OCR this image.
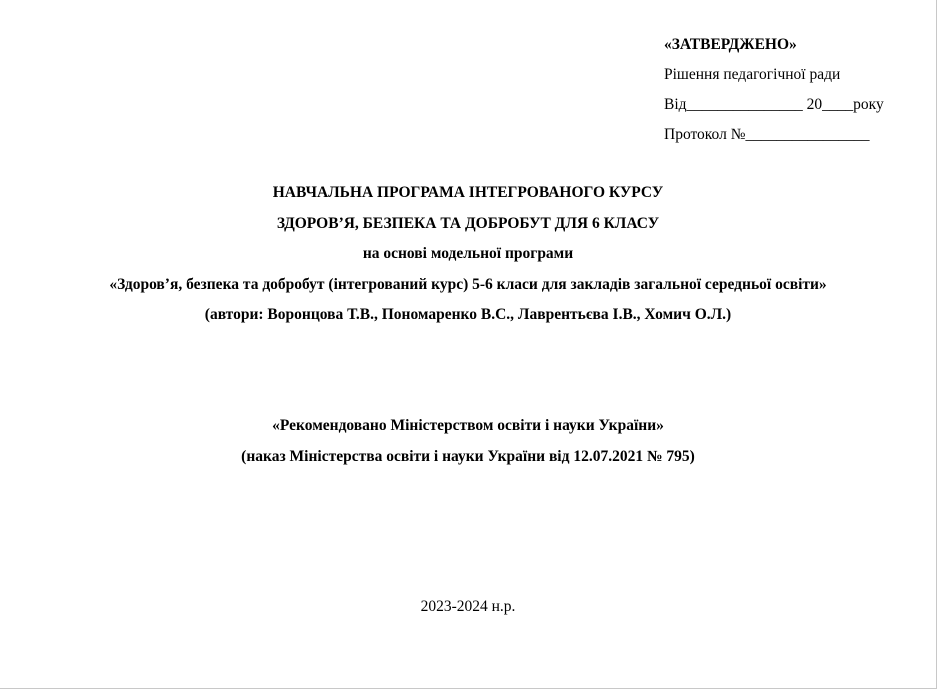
«ЗАТВЕРДЖЕНО»
Рішення педагогічної ради
Від_______________ 20____року
Протокол №________________
НАВЧАЛЬНА ПРОГРАМА ІНТЕГРОВАНОГО КУРСУ
ЗДОРОВ’Я, БЕЗПЕКА ТА ДОБРОБУТ ДЛЯ 6 КЛАСУ
на основі модельної програми
«Здоров’я, безпека та добробут (інтегрований курс) 5-6 класи для закладів загальної середньої освіти»
(автори: Воронцова Т.В., Пономаренко В.С., Лаврентьєва І.В., Хомич О.Л.)
«Рекомендовано Міністерством освіти і науки України»
(наказ Міністерства освіти і науки України від 12.07.2021 № 795)
2023-2024 н.р.
